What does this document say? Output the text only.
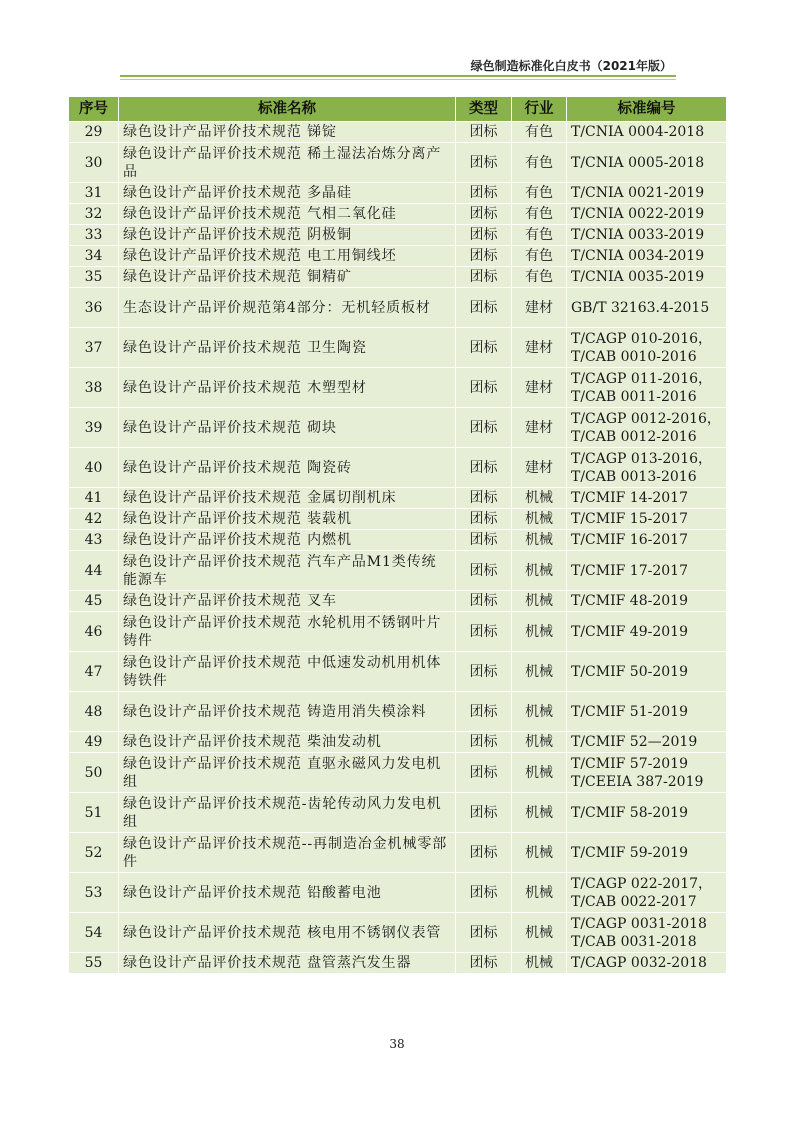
绿色制造标准化白皮书（2021年版）
序号	标准名称	类型	行业	标准编号
29	绿色设计产品评价技术规范 锑锭	团标	有色	T/CNIA 0004-2018

30	绿色设计产品评价技术规范 稀土湿法冶炼分离产品	团标	有色	T/CNIA 0005-2018

31	绿色设计产品评价技术规范 多晶硅	团标	有色	T/CNIA 0021-2019

32	绿色设计产品评价技术规范 气相二氧化硅	团标	有色	T/CNIA 0022-2019

33	绿色设计产品评价技术规范 阴极铜	团标	有色	T/CNIA 0033-2019

34	绿色设计产品评价技术规范 电工用铜线坯	团标	有色	T/CNIA 0034-2019

35	绿色设计产品评价技术规范 铜精矿	团标	有色	T/CNIA 0035-2019

36	生态设计产品评价规范第4部分：无机轻质板材	团标	建材	GB/T 32163.4-2015

37	绿色设计产品评价技术规范 卫生陶瓷	团标	建材	T/CAGP 010-2016，
T/CAB 0010-2016

38	绿色设计产品评价技术规范 木塑型材	团标	建材	T/CAGP 011-2016，
T/CAB 0011-2016

39	绿色设计产品评价技术规范 砌块	团标	建材	T/CAGP 0012-2016，
T/CAB 0012-2016

40	绿色设计产品评价技术规范 陶瓷砖	团标	建材	T/CAGP 013-2016，
T/CAB 0013-2016

41	绿色设计产品评价技术规范 金属切削机床	团标	机械	T/CMIF 14-2017

42	绿色设计产品评价技术规范 装载机	团标	机械	T/CMIF 15-2017

43	绿色设计产品评价技术规范 内燃机	团标	机械	T/CMIF 16-2017

44	绿色设计产品评价技术规范 汽车产品M1类传统能源车	团标	机械	T/CMIF 17-2017

45	绿色设计产品评价技术规范 叉车	团标	机械	T/CMIF 48-2019

46	绿色设计产品评价技术规范 水轮机用不锈钢叶片铸件	团标	机械	T/CMIF 49-2019

47	绿色设计产品评价技术规范 中低速发动机用机体铸铁件	团标	机械	T/CMIF 50-2019

48	绿色设计产品评价技术规范 铸造用消失模涂料	团标	机械	T/CMIF 51-2019

49	绿色设计产品评价技术规范 柴油发动机	团标	机械	T/CMIF 52—2019

50	绿色设计产品评价技术规范 直驱永磁风力发电机组	团标	机械	T/CMIF 57-2019
T/CEEIA 387-2019

51	绿色设计产品评价技术规范-齿轮传动风力发电机组	团标	机械	T/CMIF 58-2019

52	绿色设计产品评价技术规范--再制造冶金机械零部件	团标	机械	T/CMIF 59-2019

53	绿色设计产品评价技术规范 铅酸蓄电池	团标	机械	T/CAGP 022-2017，
T/CAB 0022-2017

54	绿色设计产品评价技术规范 核电用不锈钢仪表管	团标	机械	T/CAGP 0031-2018
T/CAB 0031-2018

55	绿色设计产品评价技术规范 盘管蒸汽发生器	团标	机械	T/CAGP 0032-2018
38
